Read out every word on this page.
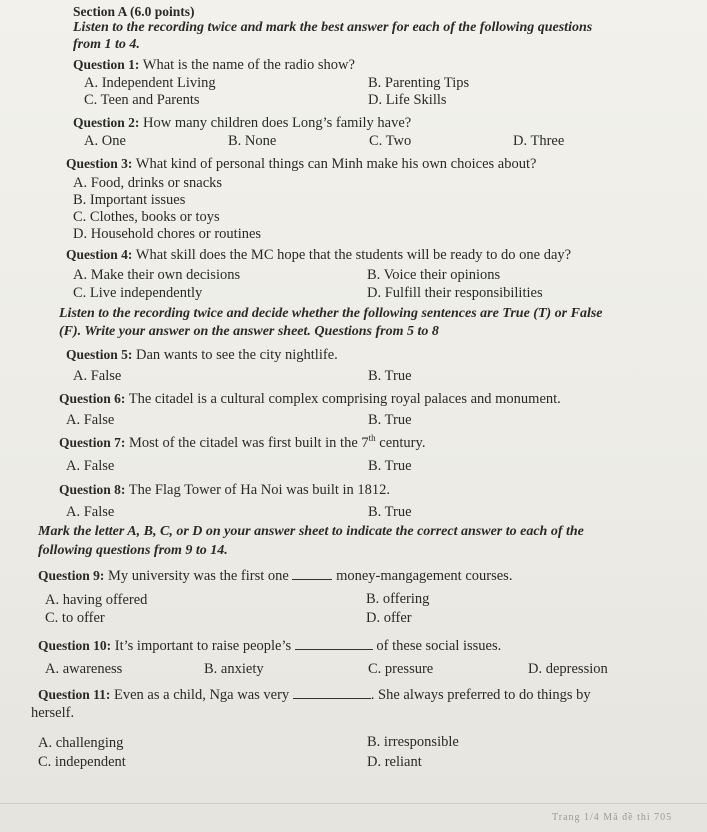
Section A (6.0 points)
Listen to the recording twice and mark the best answer for each of the following questions
from 1 to 4.
Question 1: What is the name of the radio show?
A. Independent Living	B. Parenting Tips
C. Teen and Parents	D. Life Skills
Question 2: How many children does Long’s family have?
A. One	B. None	C. Two	D. Three
Question 3: What kind of personal things can Minh make his own choices about?
A. Food, drinks or snacks
B. Important issues
C. Clothes, books or toys
D. Household chores or routines
Question 4: What skill does the MC hope that the students will be ready to do one day?
A. Make their own decisions	B. Voice their opinions
C. Live independently	D. Fulfill their responsibilities
Listen to the recording twice and decide whether the following sentences are True (T) or False
(F). Write your answer on the answer sheet. Questions from 5 to 8
Question 5: Dan wants to see the city nightlife.
A. False	B. True
Question 6: The citadel is a cultural complex comprising royal palaces and monument.
A. False	B. True
Question 7: Most of the citadel was first built in the 7th century.
A. False	B. True
Question 8: The Flag Tower of Ha Noi was built in 1812.
A. False	B. True
Mark the letter A, B, C, or D on your answer sheet to indicate the correct answer to each of the
following questions from 9 to 14.
Question 9: My university was the first one	money-mangagement courses.
A. having offered	B. offering
C. to offer	D. offer
Question 10: It’s important to raise people’s	of these social issues.
A. awareness	B. anxiety	C. pressure	D. depression
Question 11: Even as a child, Nga was very	. She always preferred to do things by
herself.
A. challenging	B. irresponsible
C. independent	D. reliant
Trang 1/4 Mã đề thi 705
